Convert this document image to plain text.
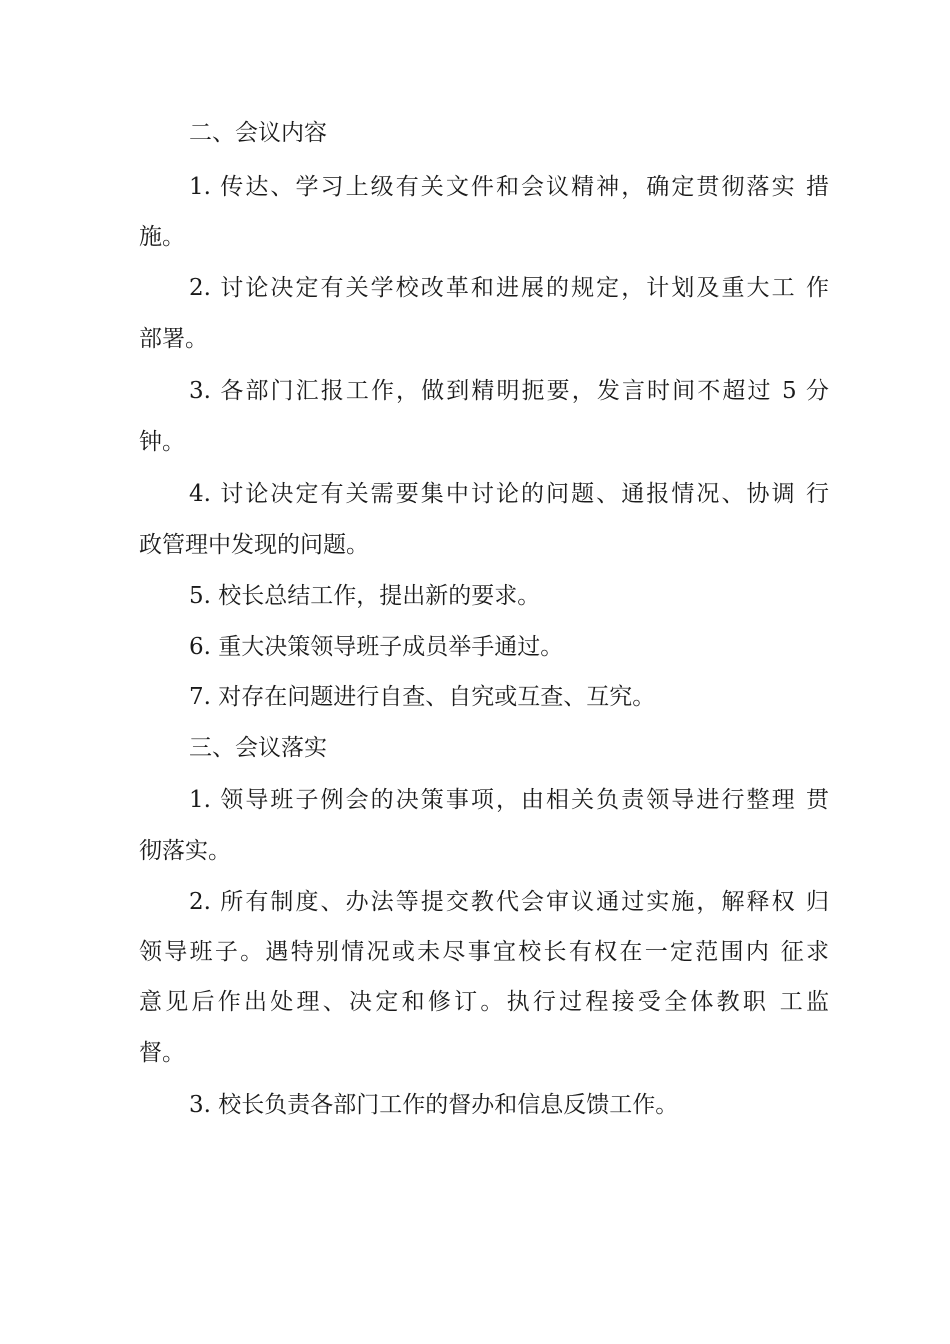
二、会议内容
1. 传达、学习上级有关文件和会议精神，确定贯彻落实 措
施。
2. 讨论决定有关学校改革和进展的规定，计划及重大工 作
部署。
3. 各部门汇报工作，做到精明扼要，发言时间不超过 5 分
钟。
4. 讨论决定有关需要集中讨论的问题、通报情况、协调 行
政管理中发现的问题。
5. 校长总结工作，提出新的要求。
6. 重大决策领导班子成员举手通过。
7. 对存在问题进行自查、自究或互查、互究。
三、会议落实
1. 领导班子例会的决策事项，由相关负责领导进行整理 贯
彻落实。
2. 所有制度、办法等提交教代会审议通过实施，解释权 归
领导班子。遇特别情况或未尽事宜校长有权在一定范围内 征求
意见后作出处理、决定和修订。执行过程接受全体教职 工监
督。
3. 校长负责各部门工作的督办和信息反馈工作。
